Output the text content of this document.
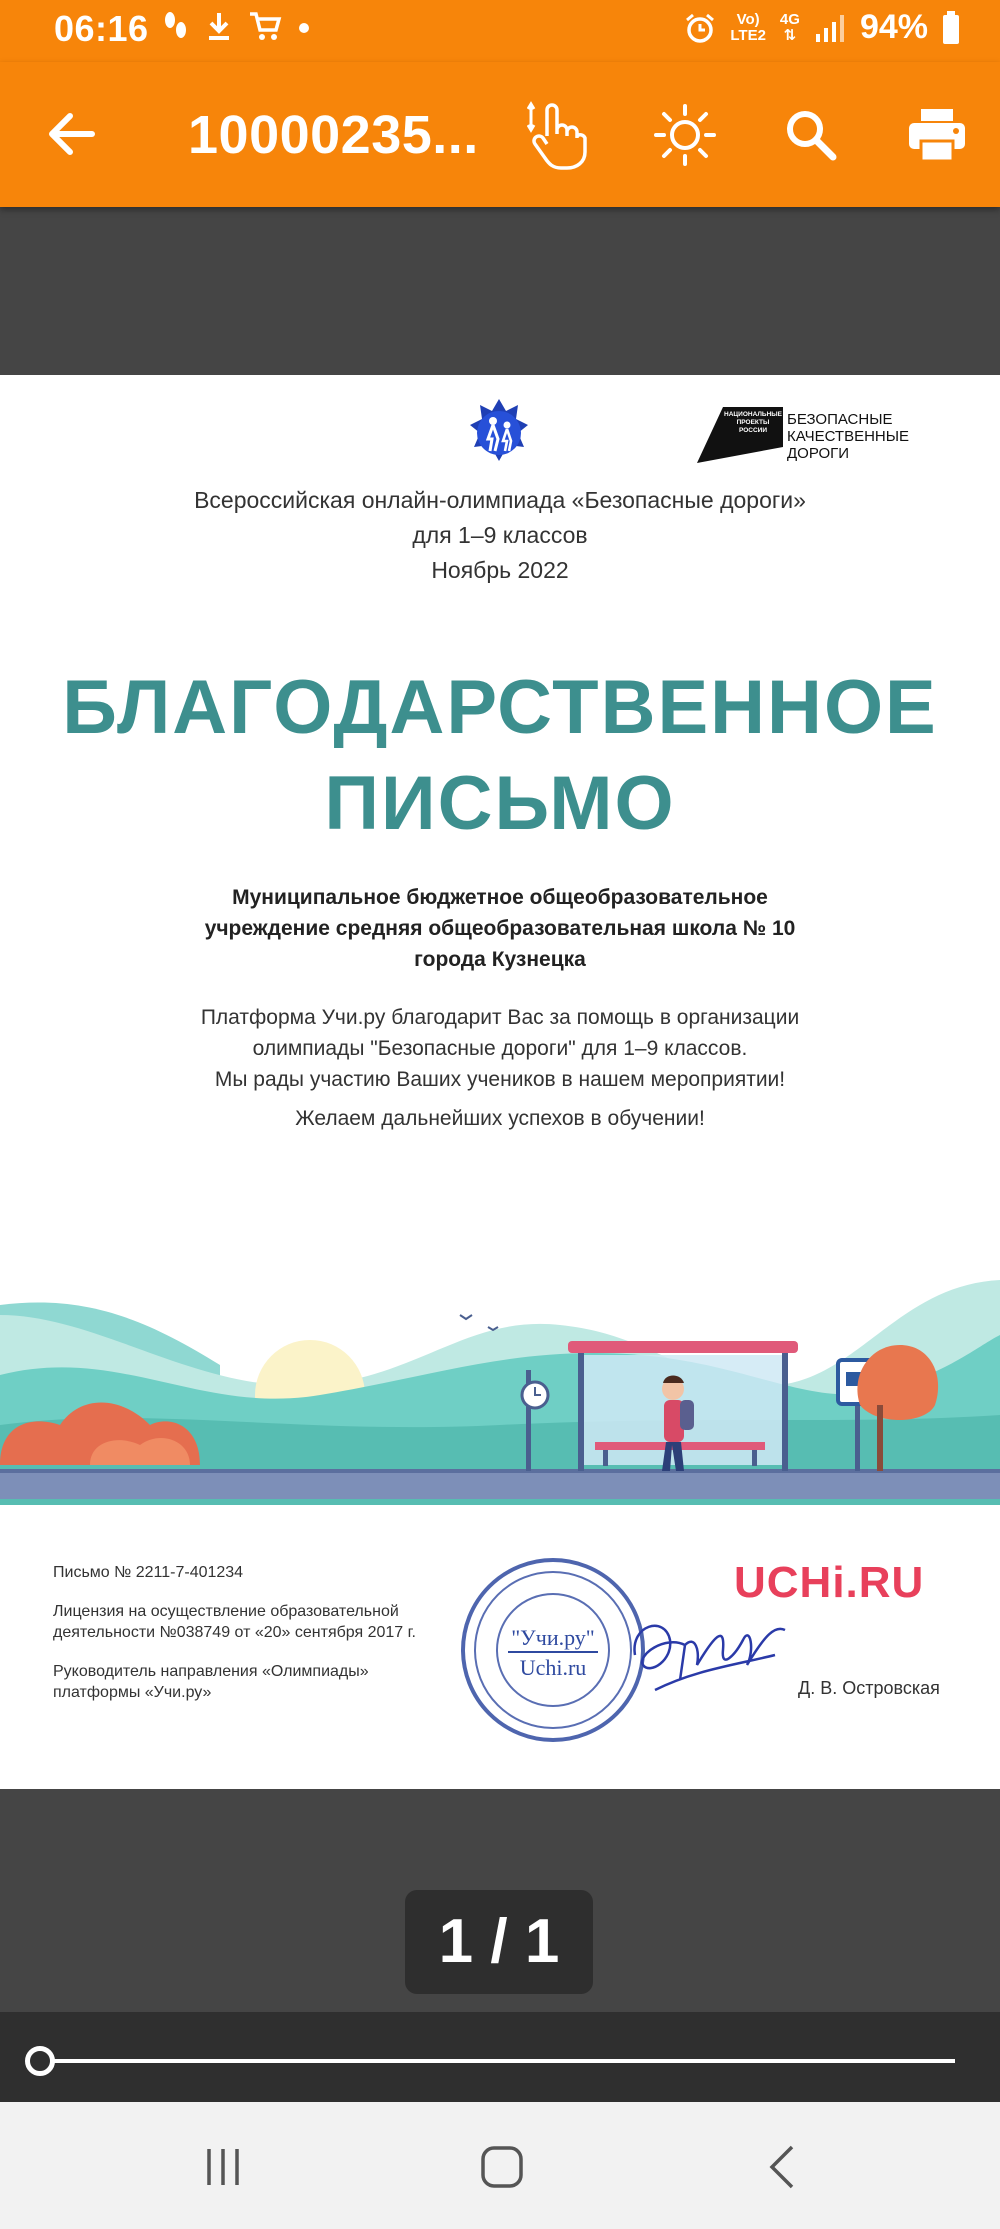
06:16	Vo)
LTE2
4G
⇅ 94%
10000235...
НАЦИОНАЛЬНЫЕ ПРОЕКТЫ РОССИИ
БЕЗОПАСНЫЕ КАЧЕСТВЕННЫЕ ДОРОГИ
Всероссийская онлайн-олимпиада «Безопасные дороги»
для 1–9 классов
Ноябрь 2022
БЛАГОДАРСТВЕННОЕ
ПИСЬМО
Муниципальное бюджетное общеобразовательное
учреждение средняя общеобразовательная школа № 10
города Кузнецка
Платформа Учи.ру благодарит Вас за помощь в организации
олимпиады "Безопасные дороги" для 1–9 классов.
Мы рады участию Ваших учеников в нашем мероприятии!
Желаем дальнейших успехов в обучении!

Письмо № 2211-7-401234

Лицензия на осуществление образовательной
деятельности №038749 от «20» сентября 2017 г.

Руководитель направления «Олимпиады»
платформы «Учи.ру»

"Учи.ру"
Uchi.ru
UCHi.RU
Д. В. Островская
1 / 1
